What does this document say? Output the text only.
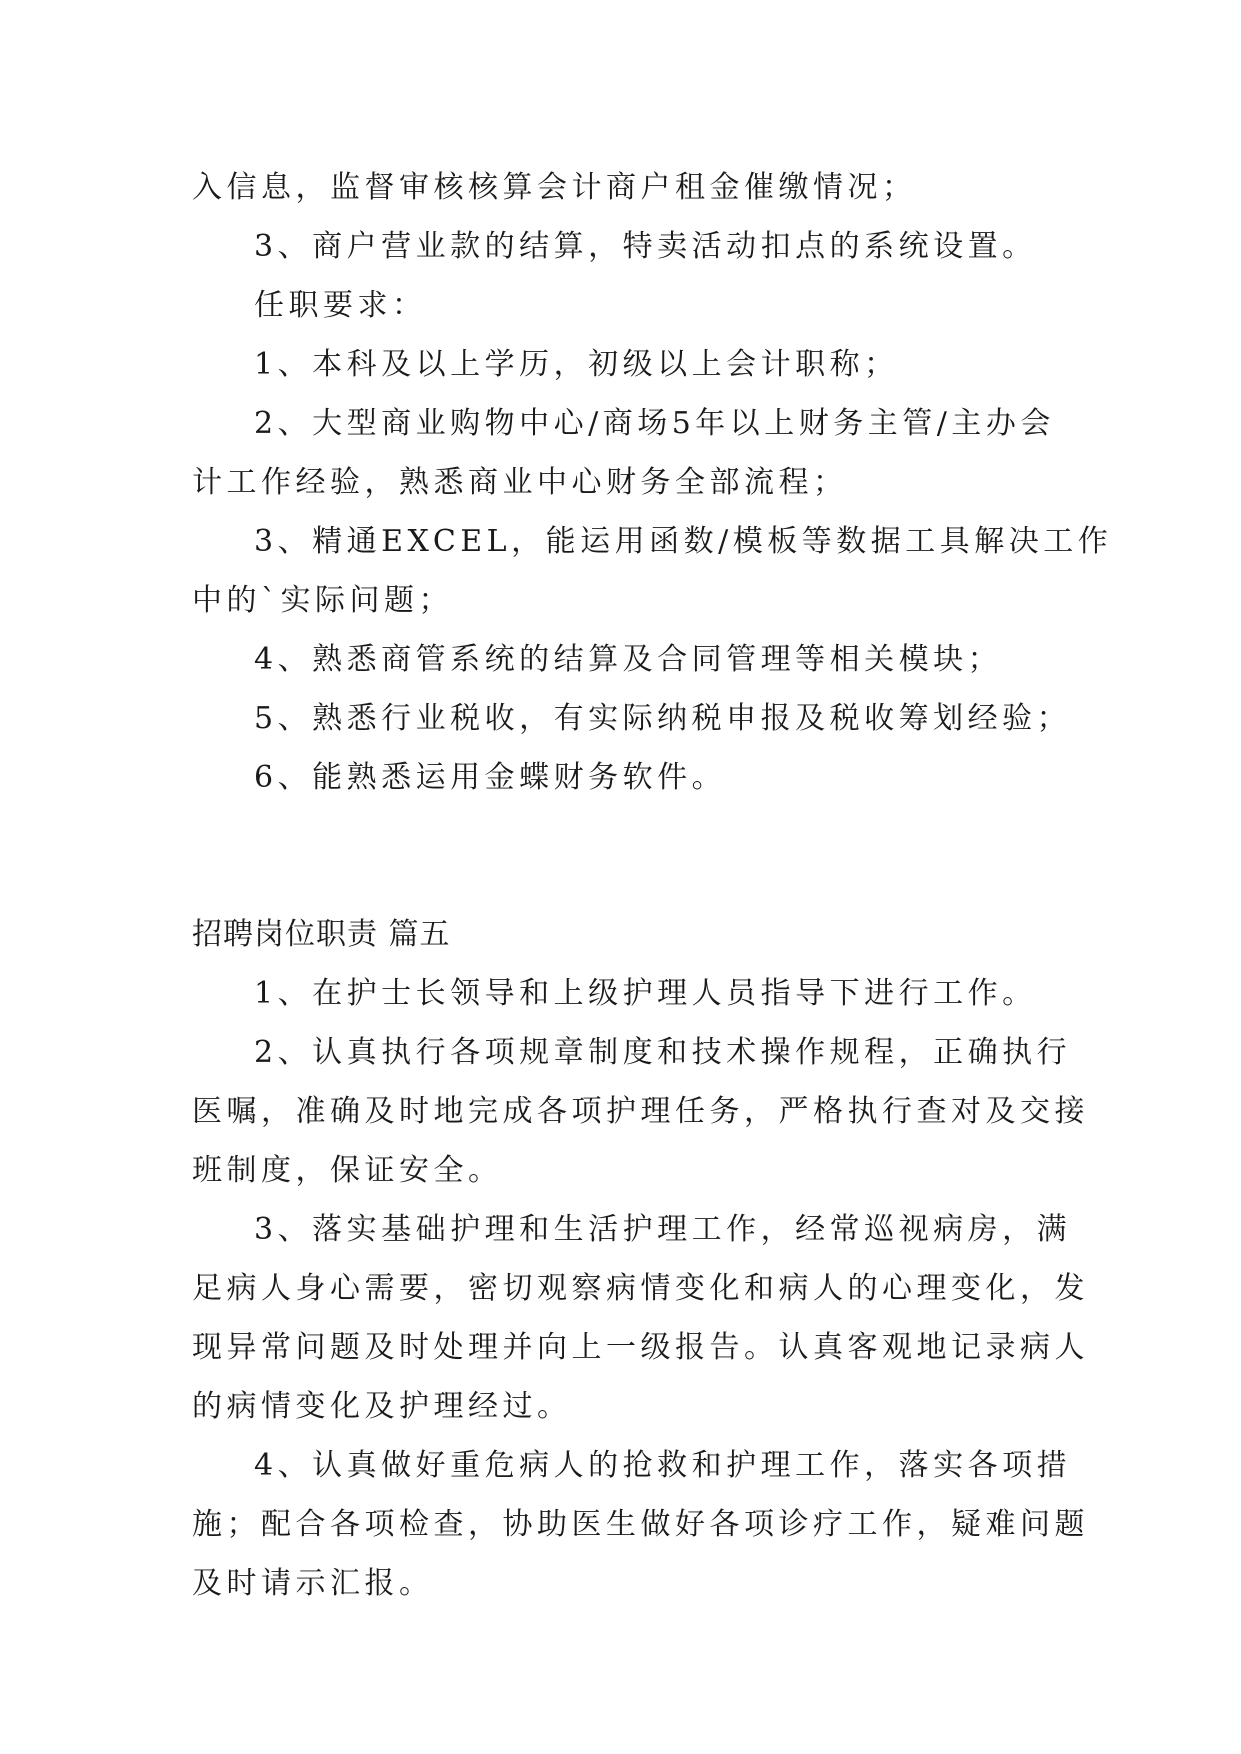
入信息，监督审核核算会计商户租金催缴情况；
3、商户营业款的结算，特卖活动扣点的系统设置。
任职要求：
1、本科及以上学历，初级以上会计职称；
2、大型商业购物中心/商场5年以上财务主管/主办会
计工作经验，熟悉商业中心财务全部流程；
3、精通EXCEL，能运用函数/模板等数据工具解决工作
中的`实际问题；
4、熟悉商管系统的结算及合同管理等相关模块；
5、熟悉行业税收，有实际纳税申报及税收筹划经验；
6、能熟悉运用金蝶财务软件。
招聘岗位职责 篇五
1、在护士长领导和上级护理人员指导下进行工作。
2、认真执行各项规章制度和技术操作规程，正确执行
医嘱，准确及时地完成各项护理任务，严格执行查对及交接
班制度，保证安全。
3、落实基础护理和生活护理工作，经常巡视病房，满
足病人身心需要，密切观察病情变化和病人的心理变化，发
现异常问题及时处理并向上一级报告。认真客观地记录病人
的病情变化及护理经过。
4、认真做好重危病人的抢救和护理工作，落实各项措
施；配合各项检查，协助医生做好各项诊疗工作，疑难问题
及时请示汇报。
